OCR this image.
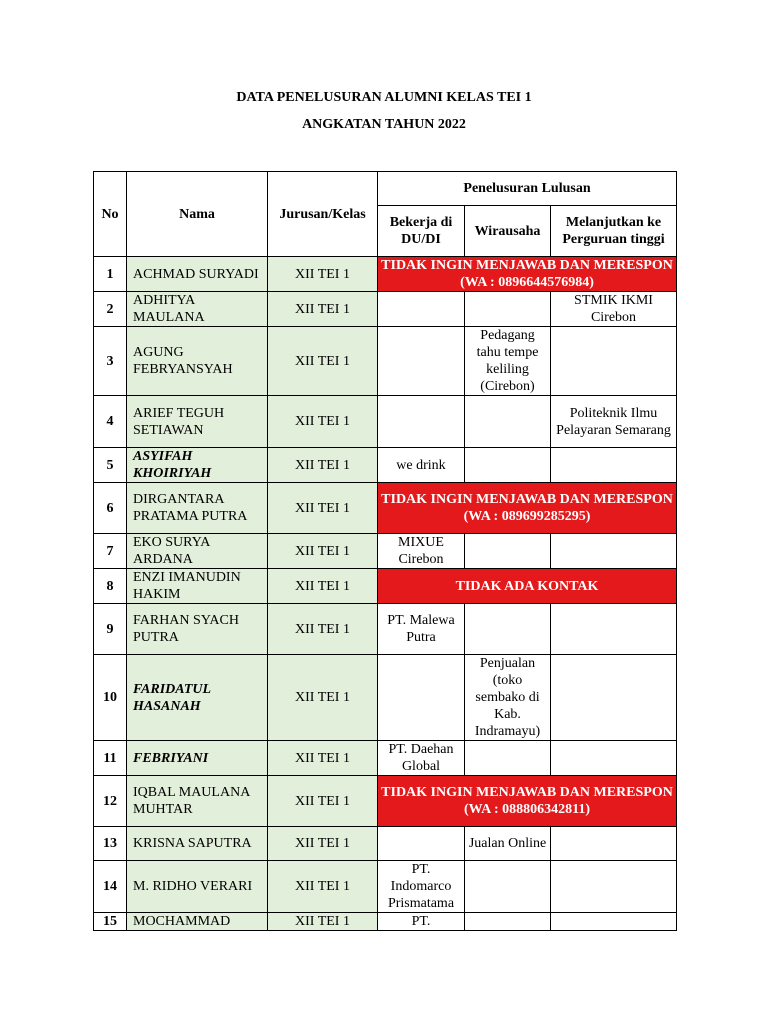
DATA PENELUSURAN ALUMNI KELAS TEI 1
ANGKATAN TAHUN 2022
No	Nama	Jurusan/Kelas	Penelusuran Lulusan		
			Bekerja di DU/DI	Wirausaha	Melanjutkan ke Perguruan tinggi
1	ACHMAD SURYADI	XII TEI 1	TIDAK INGIN MENJAWAB DAN MERESPON (WA : 0896644576984)		
2	ADHITYA MAULANA	XII TEI 1			STMIK IKMI Cirebon
3	AGUNG FEBRYANSYAH	XII TEI 1		Pedagang tahu tempe keliling (Cirebon)	
4	ARIEF TEGUH SETIAWAN	XII TEI 1			Politeknik Ilmu Pelayaran Semarang
5	ASYIFAH KHOIRIYAH	XII TEI 1	we drink		
6	DIRGANTARA PRATAMA PUTRA	XII TEI 1	TIDAK INGIN MENJAWAB DAN MERESPON (WA : 089699285295)		
7	EKO SURYA ARDANA	XII TEI 1	MIXUE Cirebon		
8	ENZI IMANUDIN HAKIM	XII TEI 1	TIDAK ADA KONTAK		
9	FARHAN SYACH PUTRA	XII TEI 1	PT. Malewa Putra		
10	FARIDATUL HASANAH	XII TEI 1		Penjualan (toko sembako di Kab. Indramayu)	
11	FEBRIYANI	XII TEI 1	PT. Daehan Global		
12	IQBAL MAULANA MUHTAR	XII TEI 1	TIDAK INGIN MENJAWAB DAN MERESPON (WA : 088806342811)		
13	KRISNA SAPUTRA	XII TEI 1		Jualan Online	
14	M. RIDHO VERARI	XII TEI 1	PT. Indomarco Prismatama		
15	MOCHAMMAD	XII TEI 1	PT.		
